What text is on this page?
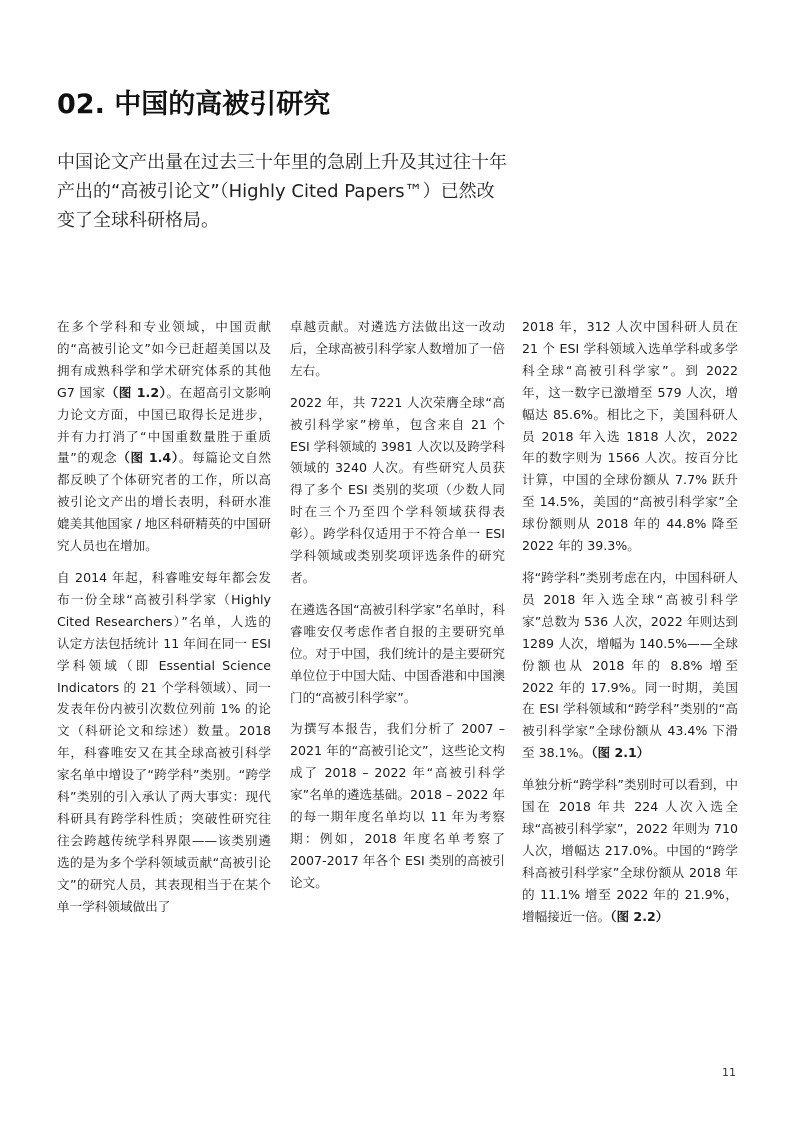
02. 中国的高被引研究

中国论文产出量在过去三十年里的急剧上升及其过往十年产出的“高被引论文”（Highly Cited Papers™）已然改变了全球科研格局。

在多个学科和专业领域，中国贡献的“高被引论文”如今已赶超美国以及拥有成熟科学和学术研究体系的其他 G7 国家（图 1.2）。在超高引文影响力论文方面，中国已取得长足进步，并有力打消了“中国重数量胜于重质量”的观念（图 1.4）。每篇论文自然都反映了个体研究者的工作，所以高被引论文产出的增长表明，科研水准媲美其他国家 / 地区科研精英的中国研究人员也在增加。

自 2014 年起，科睿唯安每年都会发布一份全球“高被引科学家（Highly Cited Researchers）”名单，人选的认定方法包括统计 11 年间在同一 ESI 学科领域（即 Essential Science Indicators 的 21 个学科领域）、同一发表年份内被引次数位列前 1% 的论文（科研论文和综述）数量。2018 年，科睿唯安又在其全球高被引科学家名单中增设了“跨学科”类别。“跨学科”类别的引入承认了两大事实：现代科研具有跨学科性质；突破性研究往往会跨越传统学科界限——该类别遴选的是为多个学科领域贡献“高被引论文”的研究人员，其表现相当于在某个单一学科领域做出了

卓越贡献。对遴选方法做出这一改动后，全球高被引科学家人数增加了一倍左右。

2022 年，共 7221 人次荣膺全球“高被引科学家”榜单，包含来自 21 个 ESI 学科领域的 3981 人次以及跨学科领域的 3240 人次。有些研究人员获得了多个 ESI 类别的奖项（少数人同时在三个乃至四个学科领域获得表彰）。跨学科仅适用于不符合单一 ESI 学科领域或类别奖项评选条件的研究者。

在遴选各国“高被引科学家”名单时，科睿唯安仅考虑作者自报的主要研究单位。对于中国，我们统计的是主要研究单位位于中国大陆、中国香港和中国澳门的“高被引科学家”。

为撰写本报告，我们分析了 2007 – 2021 年的“高被引论文”，这些论文构成了 2018 – 2022 年“高被引科学家”名单的遴选基础。2018 – 2022 年的每一期年度名单均以 11 年为考察期：例如，2018 年度名单考察了 2007-2017 年各个 ESI 类别的高被引论文。

2018 年，312 人次中国科研人员在 21 个 ESI 学科领域入选单学科或多学科全球“高被引科学家”。到 2022 年，这一数字已激增至 579 人次，增幅达 85.6%。相比之下，美国科研人员 2018 年入选 1818 人次，2022 年的数字则为 1566 人次。按百分比计算，中国的全球份额从 7.7% 跃升至 14.5%，美国的“高被引科学家”全球份额则从 2018 年的 44.8% 降至 2022 年的 39.3%。

将“跨学科”类别考虑在内，中国科研人员 2018 年入选全球“高被引科学家”总数为 536 人次，2022 年则达到 1289 人次，增幅为 140.5%——全球份额也从 2018 年的 8.8% 增至 2022 年的 17.9%。同一时期，美国在 ESI 学科领域和“跨学科”类别的“高被引科学家”全球份额从 43.4% 下滑至 38.1%。（图 2.1）

单独分析“跨学科”类别时可以看到，中国在 2018 年共 224 人次入选全球“高被引科学家”，2022 年则为 710 人次，增幅达 217.0%。中国的“跨学科高被引科学家”全球份额从 2018 年的 11.1% 增至 2022 年的 21.9%，增幅接近一倍。（图 2.2）

11
